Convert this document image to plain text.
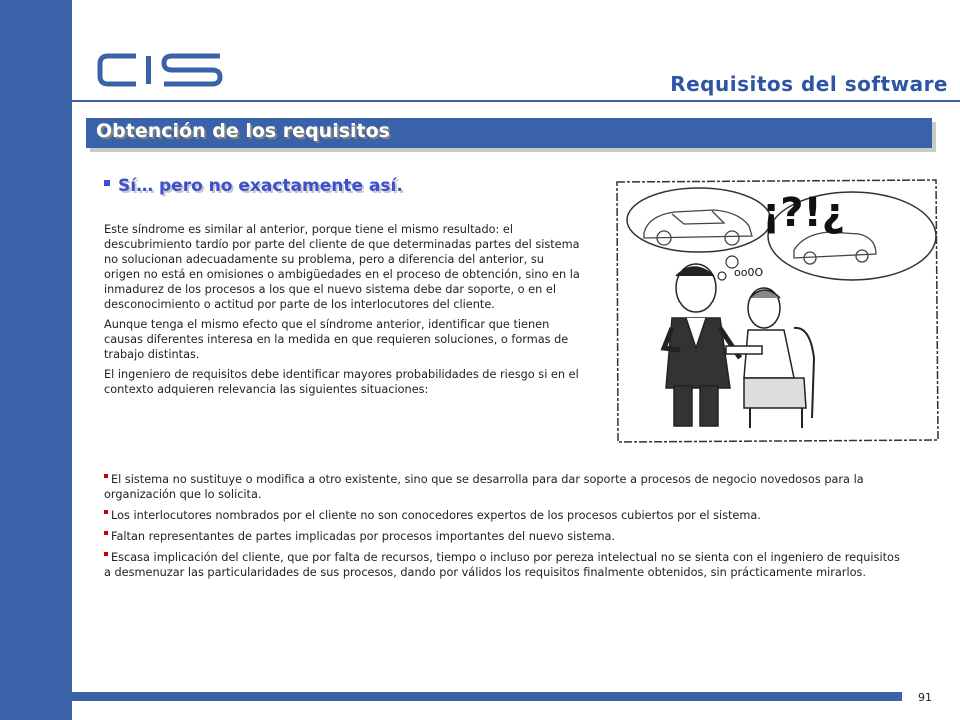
Requisitos del software
Obtención de los requisitos
Sí… pero no exactamente así.

Este síndrome es similar al anterior, porque tiene el mismo resultado: el descubrimiento tardío por parte del cliente de que determinadas partes del sistema no solucionan adecuadamente su problema, pero a diferencia del anterior, su origen no está en omisiones o ambigüedades en el proceso de obtención, sino en la inmadurez de los procesos a los que el nuevo sistema debe dar soporte, o en el desconocimiento o actitud por parte de los interlocutores del cliente.

Aunque tenga el mismo efecto que el síndrome anterior, identificar que tienen causas diferentes interesa en la medida en que requieren soluciones, o formas de trabajo distintas.

El ingeniero de requisitos debe identificar mayores probabilidades de riesgo si en el contexto adquieren relevancia las siguientes situaciones:

¡?!¿
oo0O
El sistema no sustituye o modifica a otro existente, sino que se desarrolla para dar soporte a procesos de negocio novedosos para la organización que lo solicita.
Los interlocutores nombrados por el cliente no son conocedores expertos de los procesos cubiertos por el sistema.
Faltan representantes de partes implicadas por procesos importantes del nuevo sistema.
Escasa implicación del cliente, que por falta de recursos, tiempo o incluso por pereza intelectual no se sienta con el ingeniero de requisitos a desmenuzar las particularidades de sus procesos, dando por válidos los requisitos finalmente obtenidos, sin prácticamente mirarlos.
91
